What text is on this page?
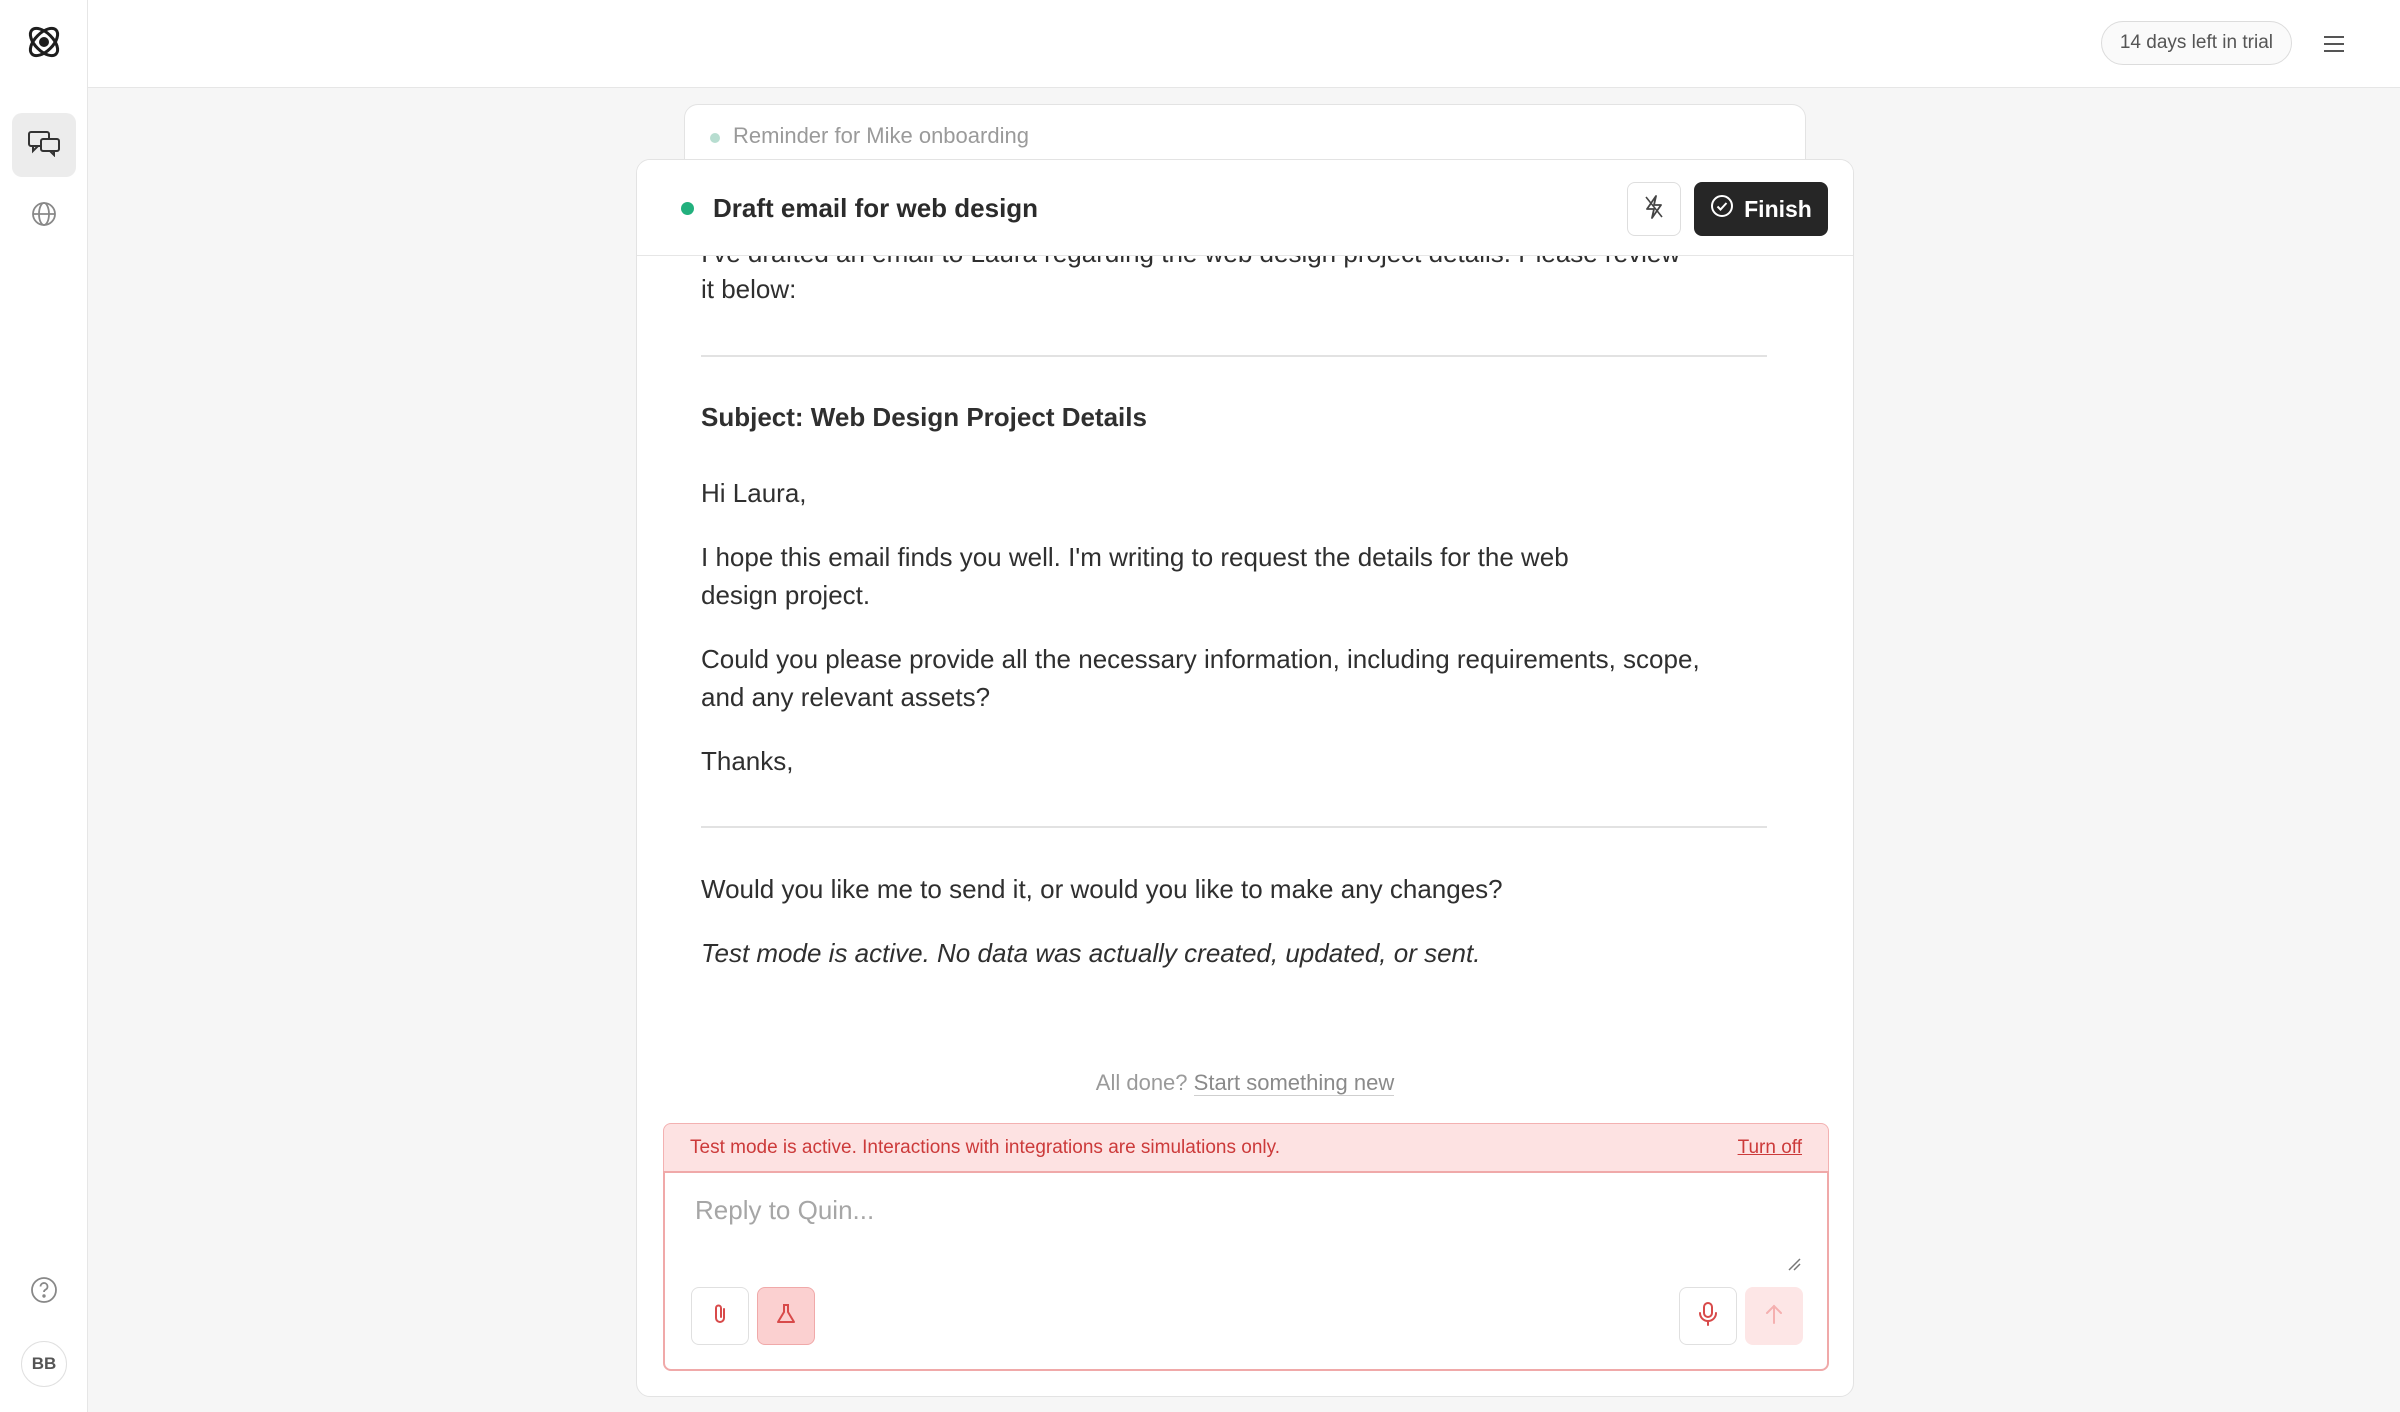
BB
14 days left in trial
Reminder for Mike onboarding

it below:

Subject: Web Design Project Details

Hi Laura,

I hope this email finds you well. I'm writing to request the details for the web

design project.

Could you please provide all the necessary information, including requirements, scope,

and any relevant assets?

Thanks,

Would you like me to send it, or would you like to make any changes?

Test mode is active. No data was actually created, updated, or sent.

Draft email for web design	Finish
All done? Start something new
Test mode is active. Interactions with integrations are simulations only.	Turn off
Reply to Quin...
